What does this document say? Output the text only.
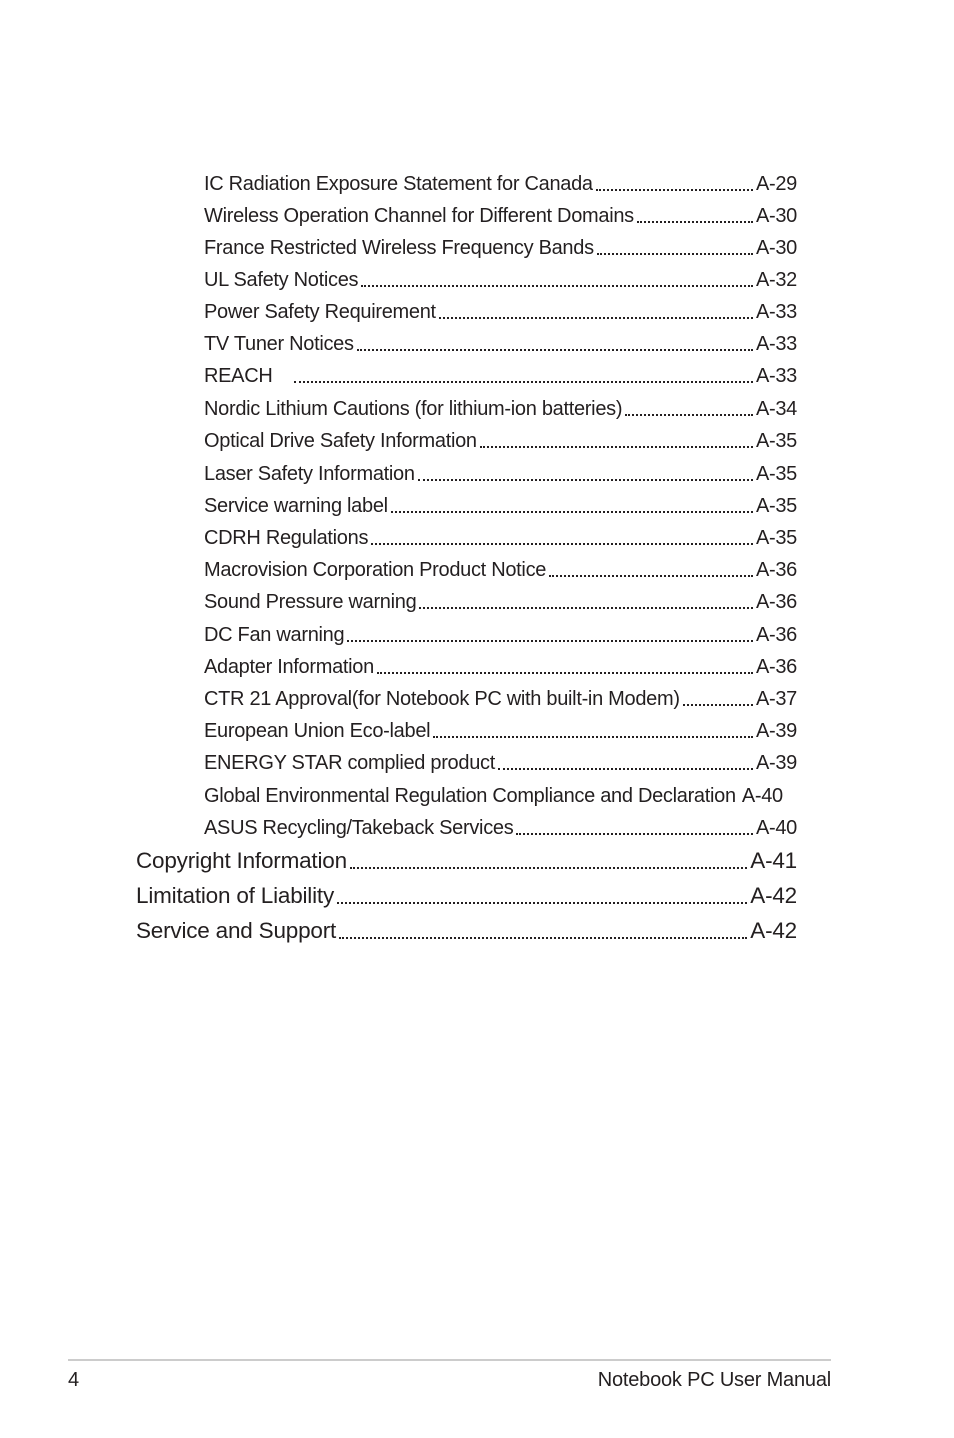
IC Radiation Exposure Statement for Canada	A-29
Wireless Operation Channel for Different Domains	A-30
France Restricted Wireless Frequency Bands	A-30
UL Safety Notices	A-32
Power Safety Requirement	A-33
TV Tuner Notices	A-33
REACH	A-33
Nordic Lithium Cautions (for lithium-ion batteries)	A-34
Optical Drive Safety Information	A-35
Laser Safety Information	A-35
Service warning label	A-35
CDRH Regulations	A-35
Macrovision Corporation Product Notice	A-36
Sound Pressure warning	A-36
DC Fan warning	A-36
Adapter Information	A-36
CTR 21 Approval(for Notebook PC with built-in Modem)	A-37
European Union Eco-label	A-39
ENERGY STAR complied product	A-39
Global Environmental Regulation Compliance and Declaration A-40
ASUS Recycling/Takeback Services	A-40
Copyright Information	A-41
Limitation of Liability	A-42
Service and Support	A-42
4	Notebook PC User Manual
